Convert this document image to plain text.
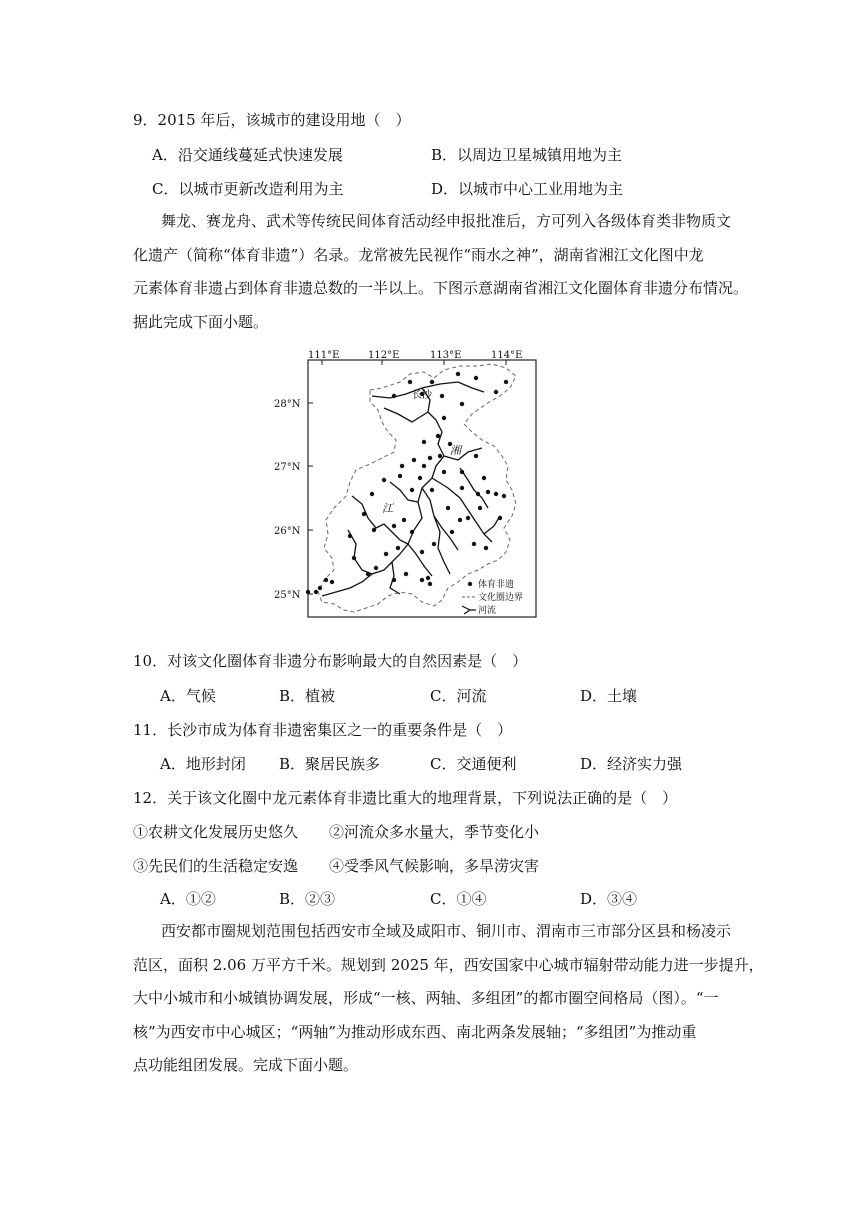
9．2015 年后，该城市的建设用地（　）
A．沿交通线蔓延式快速发展	B．以周边卫星城镇用地为主
C．以城市更新改造利用为主	D．以城市中心工业用地为主
舞龙、赛龙舟、武术等传统民间体育活动经申报批准后，方可列入各级体育类非物质文
化遗产（简称“体育非遗”）名录。龙常被先民视作“雨水之神”，湖南省湘江文化图中龙
元素体育非遗占到体育非遗总数的一半以上。下图示意湖南省湘江文化圈体育非遗分布情况。
据此完成下面小题。
111°E	112°E	113°E	114°E
28°N
27°N
26°N
25°N
长沙
湘
江
体育非遗
文化圈边界
河流
10．对该文化圈体育非遗分布影响最大的自然因素是（　）
A．气候	B．植被	C．河流	D．土壤
11．长沙市成为体育非遗密集区之一的重要条件是（　）
A．地形封闭 B．聚居民族多	C．交通便利	D．经济实力强
12．关于该文化圈中龙元素体育非遗比重大的地理背景，下列说法正确的是（　）
①农耕文化发展历史悠久 ②河流众多水量大，季节变化小
③先民们的生活稳定安逸 ④受季风气候影响，多旱涝灾害
A．①②	B．②③	C．①④	D．③④
西安都市圈规划范围包括西安市全域及咸阳市、铜川市、渭南市三市部分区县和杨凌示
范区，面积 2.06 万平方千米。规划到 2025 年，西安国家中心城市辐射带动能力进一步提升，
大中小城市和小城镇协调发展，形成“一核、两轴、多组团”的都市圈空间格局（图）。“一
核”为西安市中心城区；“两轴”为推动形成东西、南北两条发展轴；“多组团”为推动重
点功能组团发展。完成下面小题。
